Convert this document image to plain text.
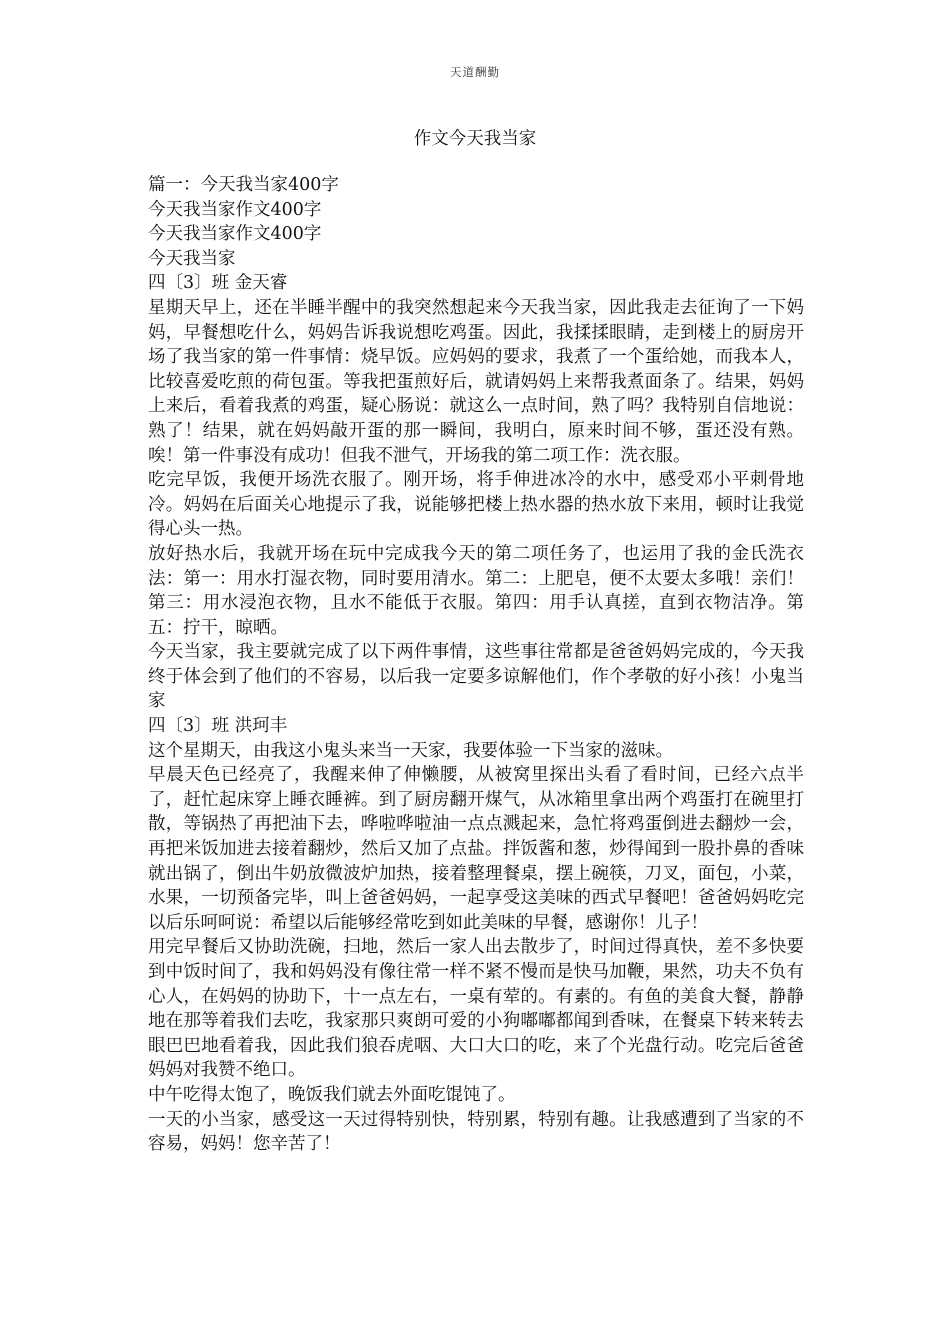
天道酬勤
作文今天我当家

篇一：今天我当家400字

今天我当家作文400字

今天我当家作文400字

今天我当家

四〔3〕班 金天睿

星期天早上，还在半睡半醒中的我突然想起来今天我当家，因此我走去征询了一下妈妈，早餐想吃什么，妈妈告诉我说想吃鸡蛋。因此，我揉揉眼睛，走到楼上的厨房开场了我当家的第一件事情：烧早饭。应妈妈的要求，我煮了一个蛋给她，而我本人，比较喜爱吃煎的荷包蛋。等我把蛋煎好后，就请妈妈上来帮我煮面条了。结果，妈妈上来后，看着我煮的鸡蛋，疑心肠说：就这么一点时间，熟了吗？我特别自信地说：熟了！结果，就在妈妈敲开蛋的那一瞬间，我明白，原来时间不够，蛋还没有熟。唉！第一件事没有成功！但我不泄气，开场我的第二项工作：洗衣服。

吃完早饭，我便开场洗衣服了。刚开场，将手伸进冰冷的水中，感受邓小平刺骨地冷。妈妈在后面关心地提示了我，说能够把楼上热水器的热水放下来用，顿时让我觉得心头一热。

放好热水后，我就开场在玩中完成我今天的第二项任务了，也运用了我的金氏洗衣法：第一：用水打湿衣物，同时要用清水。第二：上肥皂，便不太要太多哦！亲们！第三：用水浸泡衣物，且水不能低于衣服。第四：用手认真搓，直到衣物洁净。第五：拧干，晾晒。

今天当家，我主要就完成了以下两件事情，这些事往常都是爸爸妈妈完成的，今天我终于体会到了他们的不容易，以后我一定要多谅解他们，作个孝敬的好小孩！小鬼当家

四〔3〕班 洪珂丰

这个星期天，由我这小鬼头来当一天家，我要体验一下当家的滋味。

早晨天色已经亮了，我醒来伸了伸懒腰，从被窝里探出头看了看时间，已经六点半了，赶忙起床穿上睡衣睡裤。到了厨房翻开煤气，从冰箱里拿出两个鸡蛋打在碗里打散，等锅热了再把油下去，哗啦哗啦油一点点溅起来，急忙将鸡蛋倒进去翻炒一会，再把米饭加进去接着翻炒，然后又加了点盐。拌饭酱和葱，炒得闻到一股扑鼻的香味就出锅了，倒出牛奶放微波炉加热，接着整理餐桌，摆上碗筷，刀叉，面包，小菜，水果，一切预备完毕，叫上爸爸妈妈，一起享受这美味的西式早餐吧！爸爸妈妈吃完以后乐呵呵说：希望以后能够经常吃到如此美味的早餐，感谢你！儿子！

用完早餐后又协助洗碗，扫地，然后一家人出去散步了，时间过得真快，差不多快要到中饭时间了，我和妈妈没有像往常一样不紧不慢而是快马加鞭，果然，功夫不负有心人，在妈妈的协助下，十一点左右，一桌有荤的。有素的。有鱼的美食大餐，静静地在那等着我们去吃，我家那只爽朗可爱的小狗嘟嘟都闻到香味，在餐桌下转来转去眼巴巴地看着我，因此我们狼吞虎咽、大口大口的吃，来了个光盘行动。吃完后爸爸妈妈对我赞不绝口。

中午吃得太饱了，晚饭我们就去外面吃馄饨了。

一天的小当家，感受这一天过得特别快，特别累，特别有趣。让我感遭到了当家的不容易，妈妈！您辛苦了！
